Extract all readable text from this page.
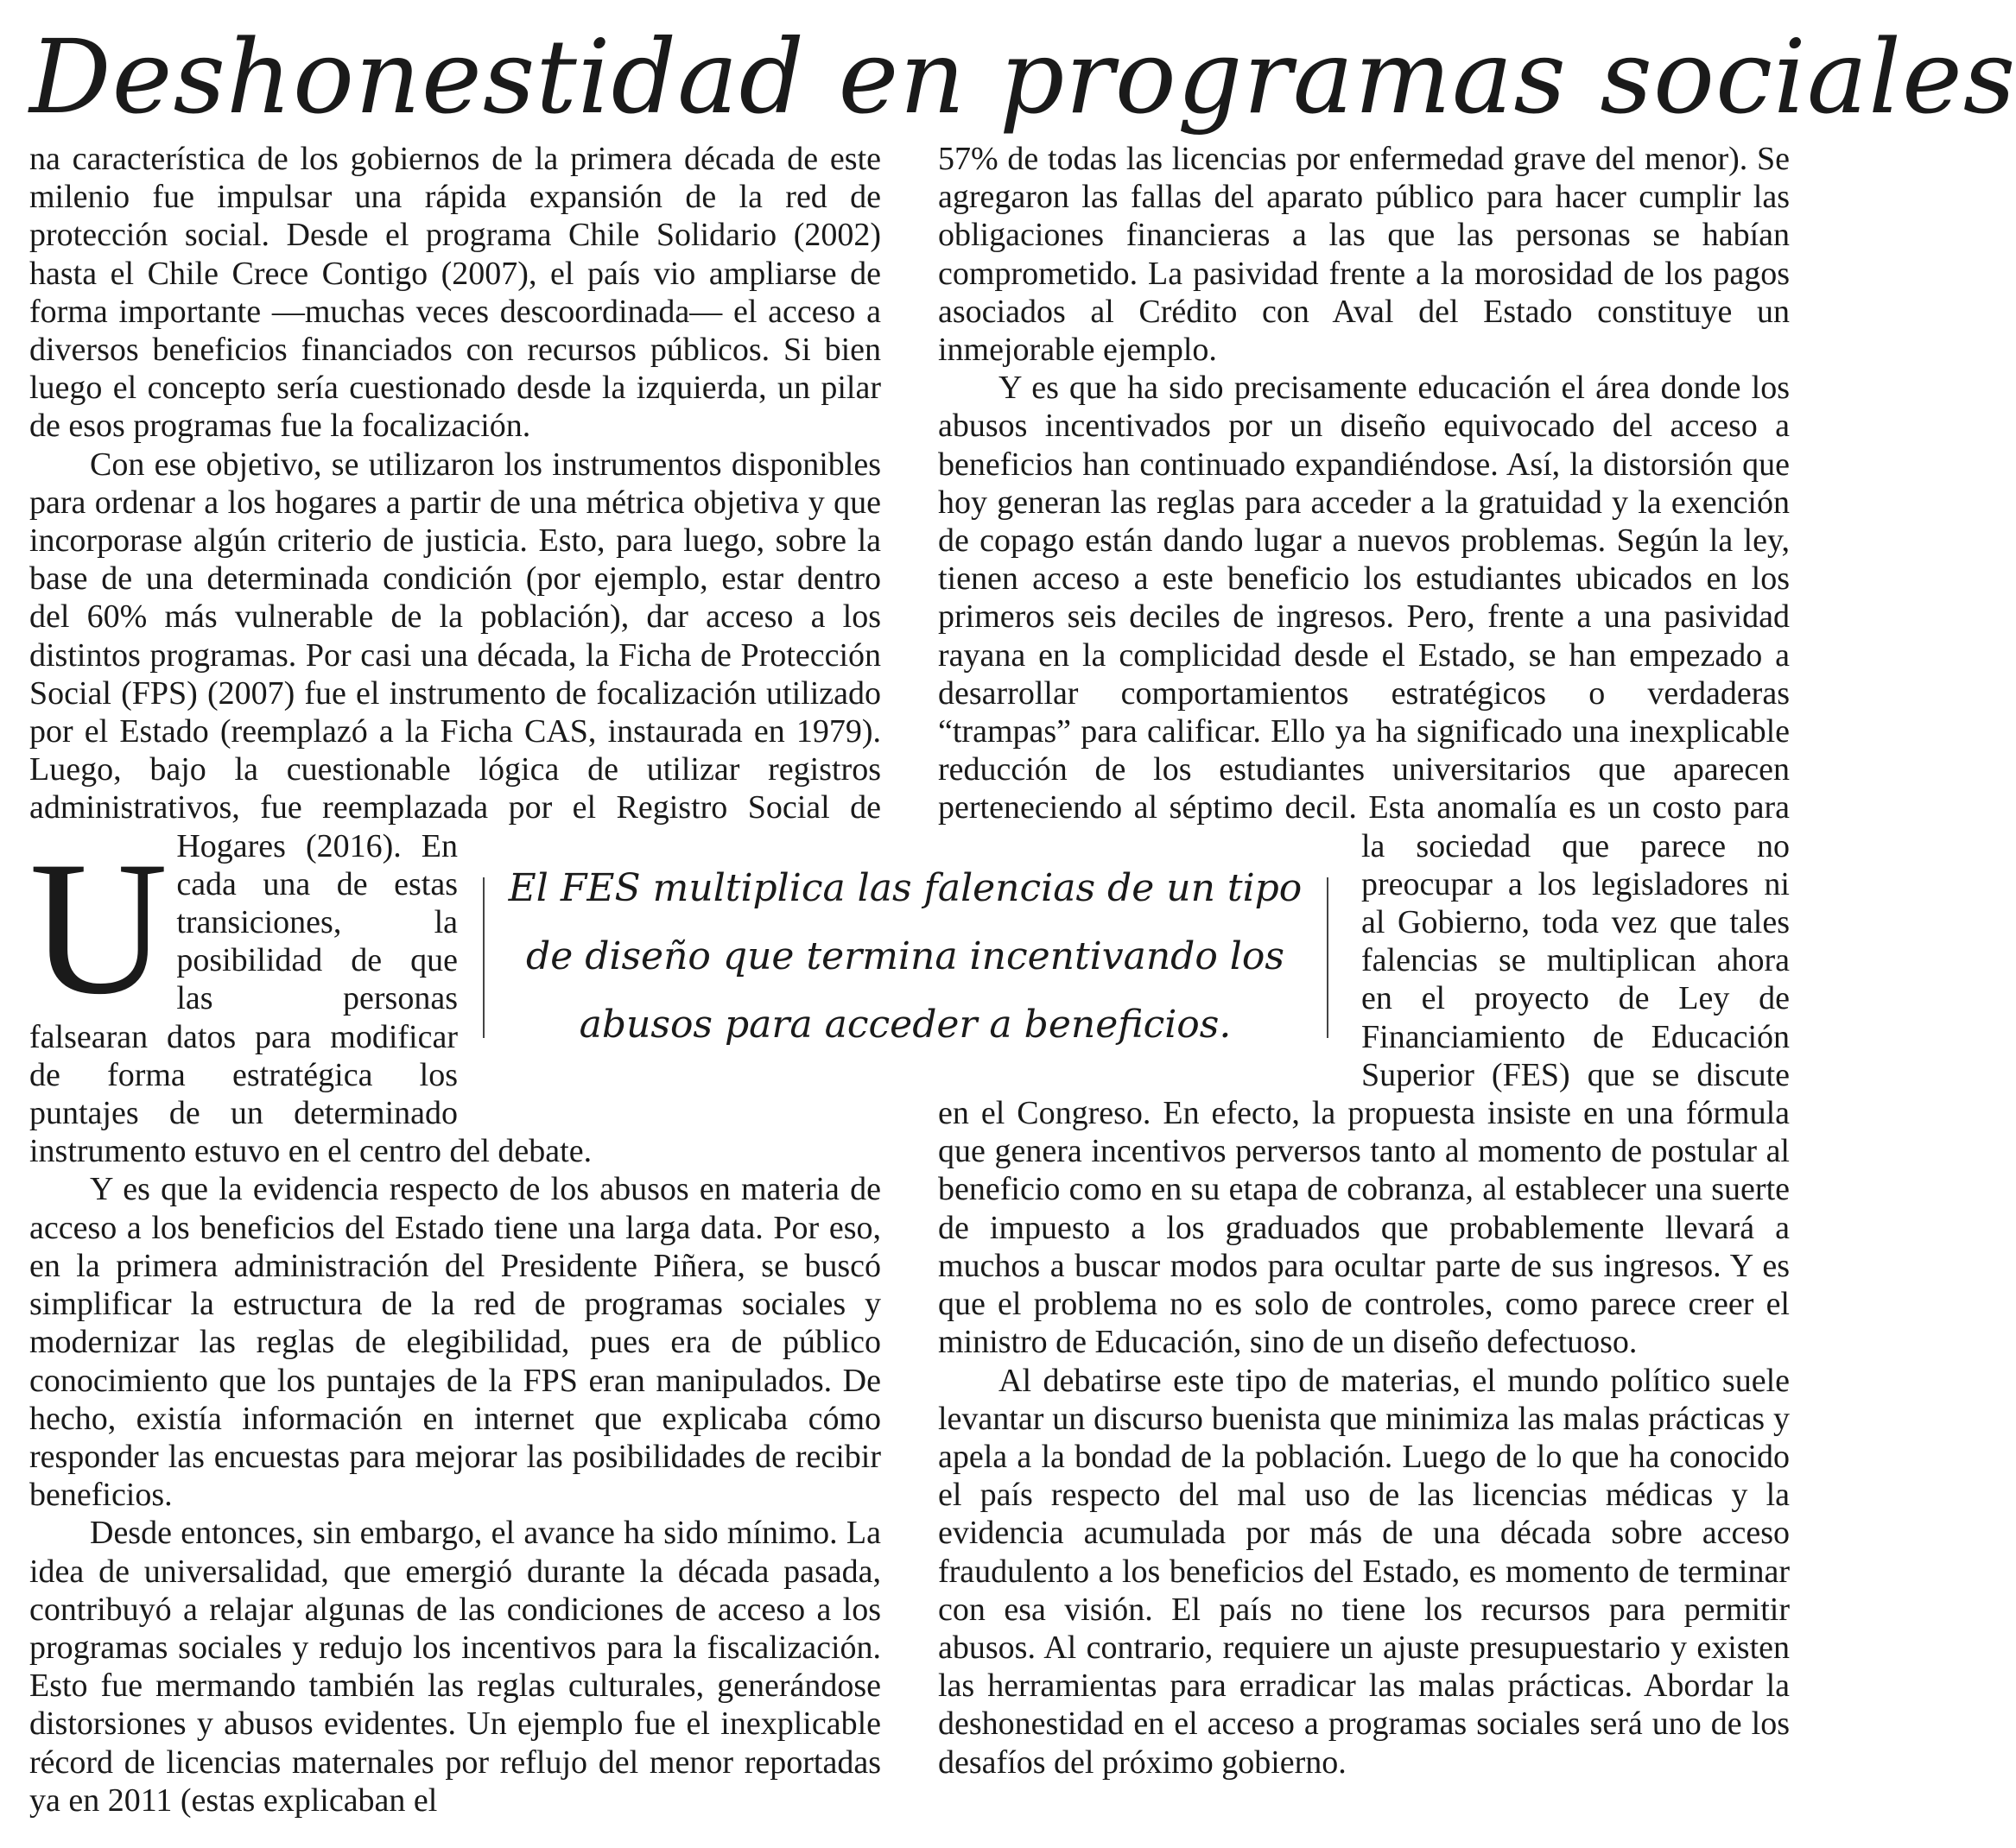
Deshonestidad en programas sociales

U
na característica de los gobiernos de la primera década de este milenio fue impulsar una rápida expansión de la red de protección social. Desde el programa Chile Solidario (2002) hasta el Chile Crece Contigo (2007), el país vio ampliarse de forma importante —muchas veces descoordinada— el acceso a diversos beneficios financiados con recursos públicos. Si bien luego el concepto sería cuestionado desde la izquierda, un pilar de esos programas fue la focalización.

Con ese objetivo, se utilizaron los instrumentos disponibles para ordenar a los hogares a partir de una métrica objetiva y que incorporase algún criterio de justicia. Esto, para luego, sobre la base de una determinada condición (por ejemplo, estar dentro del 60% más vulnerable de la población), dar acceso a los distintos programas. Por casi una década, la Ficha de Protección Social (FPS) (2007) fue el instrumento de focalización utilizado por el Estado (reemplazó a la Ficha CAS, instaurada en 1979). Luego, bajo la cuestionable lógica de utilizar registros administrativos, fue reemplazada por el Registro Social de Hogares (2016). En cada una de estas transiciones, la posibilidad de que las personas falsearan datos para modificar de forma estratégica los puntajes de un determinado instrumento estuvo en el centro del debate.

Y es que la evidencia respecto de los abusos en materia de acceso a los beneficios del Estado tiene una larga data. Por eso, en la primera administración del Presidente Piñera, se buscó simplificar la estructura de la red de programas sociales y modernizar las reglas de elegibilidad, pues era de público conocimiento que los puntajes de la FPS eran manipulados. De hecho, existía información en internet que explicaba cómo responder las encuestas para mejorar las posibilidades de recibir beneficios.

Desde entonces, sin embargo, el avance ha sido mínimo. La idea de universalidad, que emergió durante la década pasada, contribuyó a relajar algunas de las condiciones de acceso a los programas sociales y redujo los incentivos para la fiscalización. Esto fue mermando también las reglas culturales, generándose distorsiones y abusos evidentes. Un ejemplo fue el inexplicable récord de licencias maternales por reflujo del menor reportadas ya en 2011 (estas explicaban el

57% de todas las licencias por enfermedad grave del menor). Se agregaron las fallas del aparato público para hacer cumplir las obligaciones financieras a las que las personas se habían comprometido. La pasividad frente a la morosidad de los pagos asociados al Crédito con Aval del Estado constituye un inmejorable ejemplo.

Y es que ha sido precisamente educación el área donde los abusos incentivados por un diseño equivocado del acceso a beneficios han continuado expandiéndose. Así, la distorsión que hoy generan las reglas para acceder a la gratuidad y la exención de copago están dando lugar a nuevos problemas. Según la ley, tienen acceso a este beneficio los estudiantes ubicados en los primeros seis deciles de ingresos. Pero, frente a una pasividad rayana en la complicidad desde el Estado, se han empezado a desarrollar comportamientos estratégicos o verdaderas “trampas” para calificar. Ello ya ha significado una inexplicable reducción de los estudiantes universitarios que aparecen perteneciendo al séptimo decil. Esta anomalía es un costo para la sociedad que parece no preocupar a los legisladores ni al Gobierno, toda vez que tales falencias se multiplican ahora en el proyecto de Ley de Financiamiento de Educación Superior (FES) que se discute en el Congreso. En efecto, la propuesta insiste en una fórmula que genera incentivos perversos tanto al momento de postular al beneficio como en su etapa de cobranza, al establecer una suerte de impuesto a los graduados que probablemente llevará a muchos a buscar modos para ocultar parte de sus ingresos. Y es que el problema no es solo de controles, como parece creer el ministro de Educación, sino de un diseño defectuoso.

Al debatirse este tipo de materias, el mundo político suele levantar un discurso buenista que minimiza las malas prácticas y apela a la bondad de la población. Luego de lo que ha conocido el país respecto del mal uso de las licencias médicas y la evidencia acumulada por más de una década sobre acceso fraudulento a los beneficios del Estado, es momento de terminar con esa visión. El país no tiene los recursos para permitir abusos. Al contrario, requiere un ajuste presupuestario y existen las herramientas para erradicar las malas prácticas. Abordar la deshonestidad en el acceso a programas sociales será uno de los desafíos del próximo gobierno.

El FES multiplica las falencias de un tipo de diseño que termina incentivando los abusos para acceder a beneficios.
